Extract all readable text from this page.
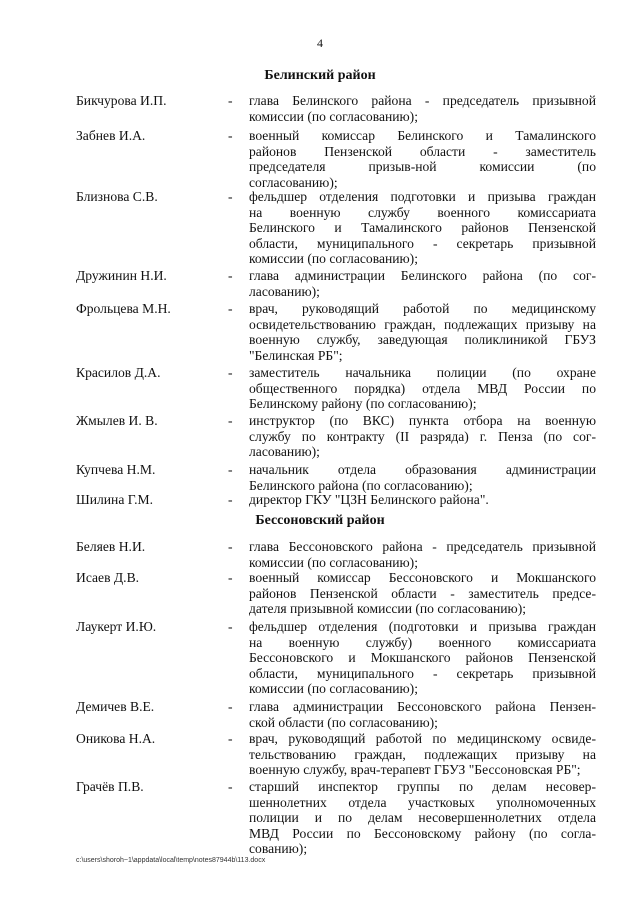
4
Белинский район
Бикчурова И.П.	- глава Белинского района - председатель призывной
комиссии (по согласованию);
Забнев И.А.	- военный комиссар Белинского и Тамалинского
районов Пензенской области - заместитель
председателя призыв-ной комиссии (по
согласованию);
Близнова С.В.	- фельдшер отделения подготовки и призыва граждан
на военную службу военного комиссариата
Белинского и Тамалинского районов Пензенской
области, муниципального - секретарь призывной
комиссии (по согласованию);
Дружинин Н.И.	- глава администрации Белинского района (по сог-
ласованию);
Фрольцева М.Н.	- врач, руководящий работой по медицинскому
освидетельствованию граждан, подлежащих призыву на
военную службу, заведующая поликлиникой ГБУЗ
"Белинская РБ";
Красилов Д.А.	- заместитель начальника полиции (по охране
общественного порядка) отдела МВД России по
Белинскому району (по согласованию);
Жмылев И. В.	- инструктор (по ВКС) пункта отбора на военную
службу по контракту (II разряда) г. Пенза (по сог-
ласованию);
Купчева Н.М.	- начальник отдела образования администрации
Белинского района (по согласованию);
Шилина Г.М.	- директор ГКУ "ЦЗН Белинского района".
Бессоновский район
Беляев Н.И.	- глава Бессоновского района - председатель призывной
комиссии (по согласованию);
Исаев Д.В.	- военный комиссар Бессоновского и Мокшанского
районов Пензенской области - заместитель предсе-
дателя призывной комиссии (по согласованию);
Лаукерт И.Ю.	- фельдшер отделения (подготовки и призыва граждан
на военную службу) военного комиссариата
Бессоновского и Мокшанского районов Пензенской
области, муниципального - секретарь призывной
комиссии (по согласованию);
Демичев В.Е.	- глава администрации Бессоновского района Пензен-
ской области (по согласованию);
Оникова Н.А.	- врач, руководящий работой по медицинскому освиде-
тельствованию граждан, подлежащих призыву на
военную службу, врач-терапевт ГБУЗ "Бессоновская РБ";
Грачёв П.В.	- старший инспектор группы по делам несовер-
шеннолетних отдела участковых уполномоченных
полиции и по делам несовершеннолетних отдела
МВД России по Бессоновскому району (по согла-
сованию);
c:\users\shoroh~1\appdata\local\temp\notes87944b\113.docx
